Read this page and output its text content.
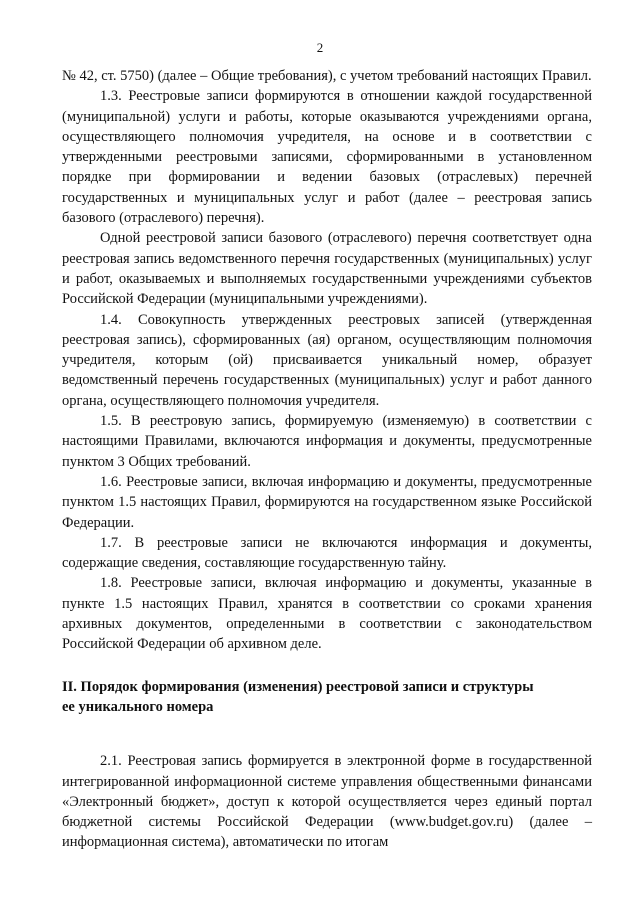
2

№ 42, ст. 5750) (далее – Общие требования), с учетом требований настоящих Правил.

1.3. Реестровые записи формируются в отношении каждой государственной (муниципальной) услуги и работы, которые оказываются учреждениями органа, осуществляющего полномочия учредителя, на основе и в соответствии с утвержденными реестровыми записями, сформированными в установленном порядке при формировании и ведении базовых (отраслевых) перечней государственных и муниципальных услуг и работ (далее – реестровая запись базового (отраслевого) перечня).

Одной реестровой записи базового (отраслевого) перечня соответствует одна реестровая запись ведомственного перечня государственных (муниципальных) услуг и работ, оказываемых и выполняемых государственными учреждениями субъектов Российской Федерации (муниципальными учреждениями).

1.4. Совокупность утвержденных реестровых записей (утвержденная реестровая запись), сформированных (ая) органом, осуществляющим полномочия учредителя, которым (ой) присваивается уникальный номер, образует ведомственный перечень государственных (муниципальных) услуг и работ данного органа, осуществляющего полномочия учредителя.

1.5. В реестровую запись, формируемую (изменяемую) в соответствии с настоящими Правилами, включаются информация и документы, предусмотренные пунктом 3 Общих требований.

1.6. Реестровые записи, включая информацию и документы, предусмотренные пунктом 1.5 настоящих Правил, формируются на государственном языке Российской Федерации.

1.7. В реестровые записи не включаются информация и документы, содержащие сведения, составляющие государственную тайну.

1.8. Реестровые записи, включая информацию и документы, указанные в пункте 1.5 настоящих Правил, хранятся в соответствии со сроками хранения архивных документов, определенными в соответствии с законодательством Российской Федерации об архивном деле.

II. Порядок формирования (изменения) реестровой записи и структуры

ее уникального номера

2.1. Реестровая запись формируется в электронной форме в государственной интегрированной информационной системе управления общественными финансами «Электронный бюджет», доступ к которой осуществляется через единый портал бюджетной системы Российской Федерации (www.budget.gov.ru) (далее – информационная система), автоматически по итогам
